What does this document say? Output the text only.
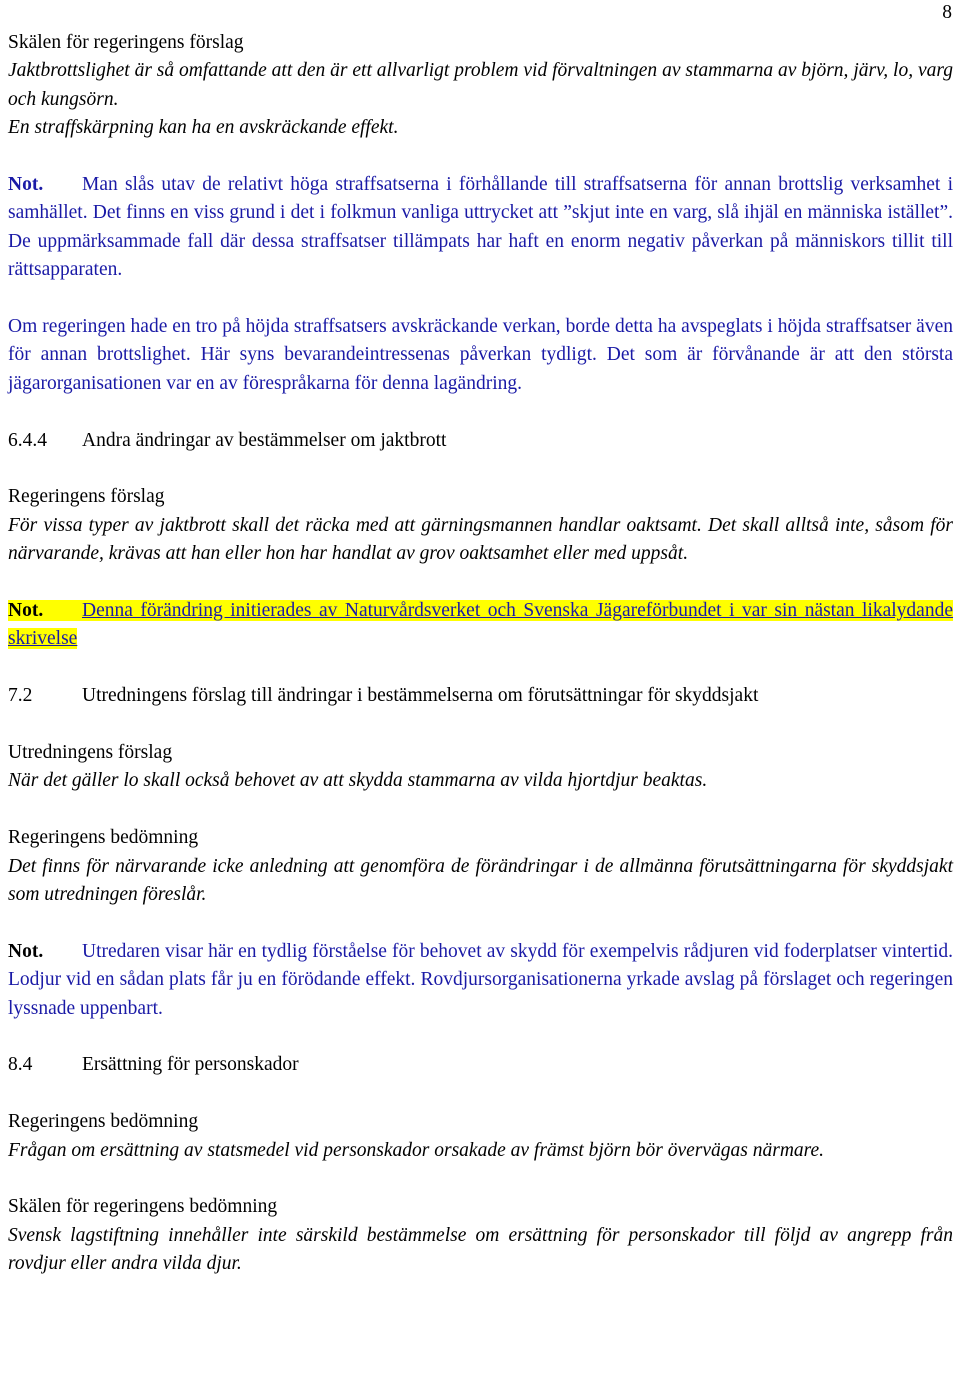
8

Skälen för regeringens förslag

Jaktbrottslighet är så omfattande att den är ett allvarligt problem vid förvaltningen av stammarna av björn, järv, lo, varg och kungsörn.

En straffskärpning kan ha en avskräckande effekt.

Not. Man slås utav de relativt höga straffsatserna i förhållande till straffsatserna för annan brottslig verksamhet i samhället. Det finns en viss grund i det i folkmun vanliga uttrycket att ”skjut inte en varg, slå ihjäl en människa istället”. De uppmärksammade fall där dessa straffsatser tillämpats har haft en enorm negativ påverkan på människors tillit till rättsapparaten.

Om regeringen hade en tro på höjda straffsatsers avskräckande verkan, borde detta ha avspeglats i höjda straffsatser även för annan brottslighet. Här syns bevarandeintressenas påverkan tydligt. Det som är förvånande är att den största jägarorganisationen var en av förespråkarna för denna lagändring.

6.4.4 Andra ändringar av bestämmelser om jaktbrott

Regeringens förslag

För vissa typer av jaktbrott skall det räcka med att gärningsmannen handlar oaktsamt. Det skall alltså inte, såsom för närvarande, krävas att han eller hon har handlat av grov oaktsamhet eller med uppsåt.

Not. Denna förändring initierades av Naturvårdsverket och Svenska Jägareförbundet i var sin nästan likalydande skrivelse

7.2	Utredningens förslag till ändringar i bestämmelserna om förutsättningar för skyddsjakt

Utredningens förslag

När det gäller lo skall också behovet av att skydda stammarna av vilda hjortdjur beaktas.

Regeringens bedömning

Det finns för närvarande icke anledning att genomföra de förändringar i de allmänna förutsättningarna för skyddsjakt som utredningen föreslår.

Not. Utredaren visar här en tydlig förståelse för behovet av skydd för exempelvis rådjuren vid foderplatser vintertid. Lodjur vid en sådan plats får ju en förödande effekt. Rovdjursorganisationerna yrkade avslag på förslaget och regeringen lyssnade uppenbart.

8.4	Ersättning för personskador

Regeringens bedömning

Frågan om ersättning av statsmedel vid personskador orsakade av främst björn bör övervägas närmare.

Skälen för regeringens bedömning

Svensk lagstiftning innehåller inte särskild bestämmelse om ersättning för personskador till följd av angrepp från rovdjur eller andra vilda djur.
